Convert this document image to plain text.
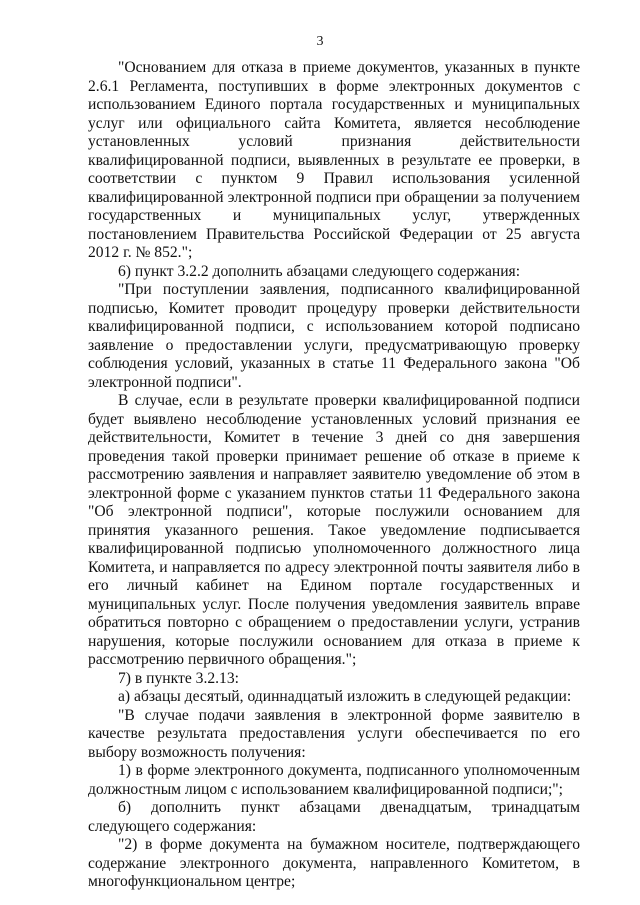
3

"Основанием для отказа в приеме документов, указанных в пункте 2.6.1 Регламента, поступивших в форме электронных документов с использованием Единого портала государственных и муниципальных услуг или официального сайта Комитета, является несоблюдение установленных условий признания действительности квалифицированной подписи, выявленных в результате ее проверки, в соответствии с пунктом 9 Правил использования усиленной квалифицированной электронной подписи при обращении за получением государственных и муниципальных услуг, утвержденных постановлением Правительства Российской Федерации от 25 августа 2012 г. № 852.";

6) пункт 3.2.2 дополнить абзацами следующего содержания:

"При поступлении заявления, подписанного квалифицированной подписью, Комитет проводит процедуру проверки действительности квалифицированной подписи, с использованием которой подписано заявление о предоставлении услуги, предусматривающую проверку соблюдения условий, указанных в статье 11 Федерального закона "Об электронной подписи".

В случае, если в результате проверки квалифицированной подписи будет выявлено несоблюдение установленных условий признания ее действительности, Комитет в течение 3 дней со дня завершения проведения такой проверки принимает решение об отказе в приеме к рассмотрению заявления и направляет заявителю уведомление об этом в электронной форме с указанием пунктов статьи 11 Федерального закона "Об электронной подписи", которые послужили основанием для принятия указанного решения. Такое уведомление подписывается квалифицированной подписью уполномоченного должностного лица Комитета, и направляется по адресу электронной почты заявителя либо в его личный кабинет на Едином портале государственных и муниципальных услуг. После получения уведомления заявитель вправе обратиться повторно с обращением о предоставлении услуги, устранив нарушения, которые послужили основанием для отказа в приеме к рассмотрению первичного обращения.";

7) в пункте 3.2.13:

а) абзацы десятый, одиннадцатый изложить в следующей редакции:

"В случае подачи заявления в электронной форме заявителю в качестве результата предоставления услуги обеспечивается по его выбору возможность получения:

1) в форме электронного документа, подписанного уполномоченным должностным лицом с использованием квалифицированной подписи;";

б) дополнить пункт абзацами двенадцатым, тринадцатым следующего содержания:

"2) в форме документа на бумажном носителе, подтверждающего содержание электронного документа, направленного Комитетом, в многофункциональном центре;
